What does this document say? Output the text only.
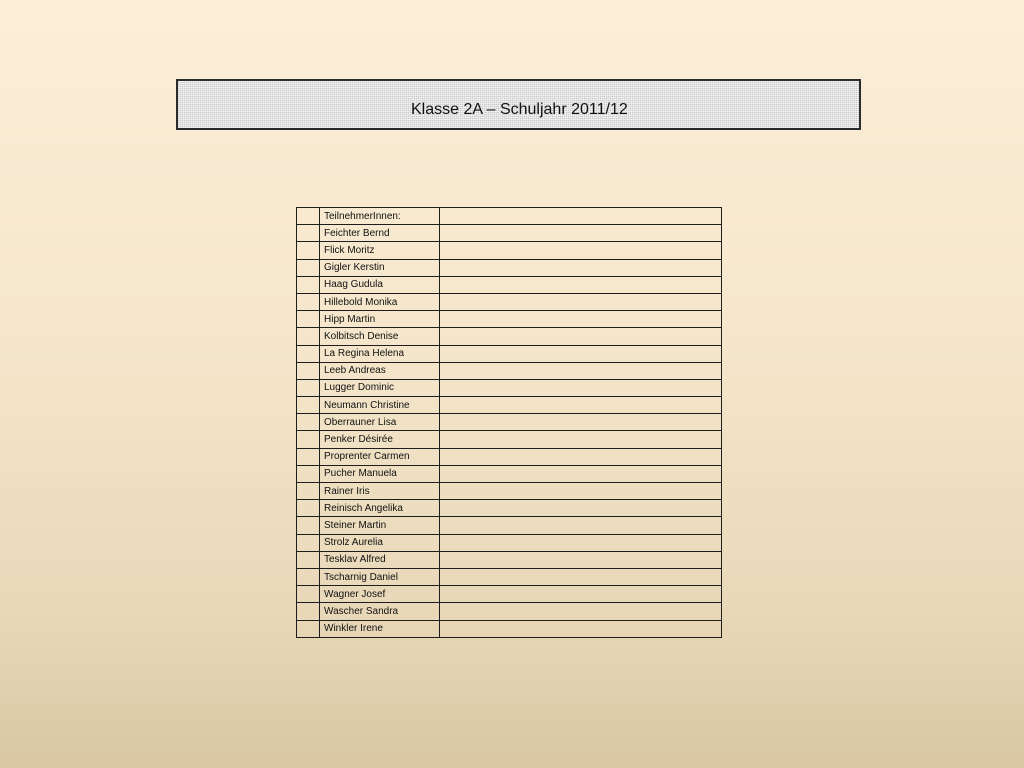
Klasse 2A – Schuljahr 2011/12
	TeilnehmerInnen:	
	Feichter Bernd	
	Flick Moritz	
	Gigler Kerstin	
	Haag Gudula	
	Hillebold Monika	
	Hipp Martin	
	Kolbitsch Denise	
	La Regina Helena	
	Leeb Andreas	
	Lugger Dominic	
	Neumann Christine	
	Oberrauner Lisa	
	Penker Désirée	
	Proprenter Carmen	
	Pucher Manuela	
	Rainer Iris	
	Reinisch Angelika	
	Steiner Martin	
	Strolz Aurelia	
	Tesklav Alfred	
	Tscharnig Daniel	
	Wagner Josef	
	Wascher Sandra	
	Winkler Irene	
